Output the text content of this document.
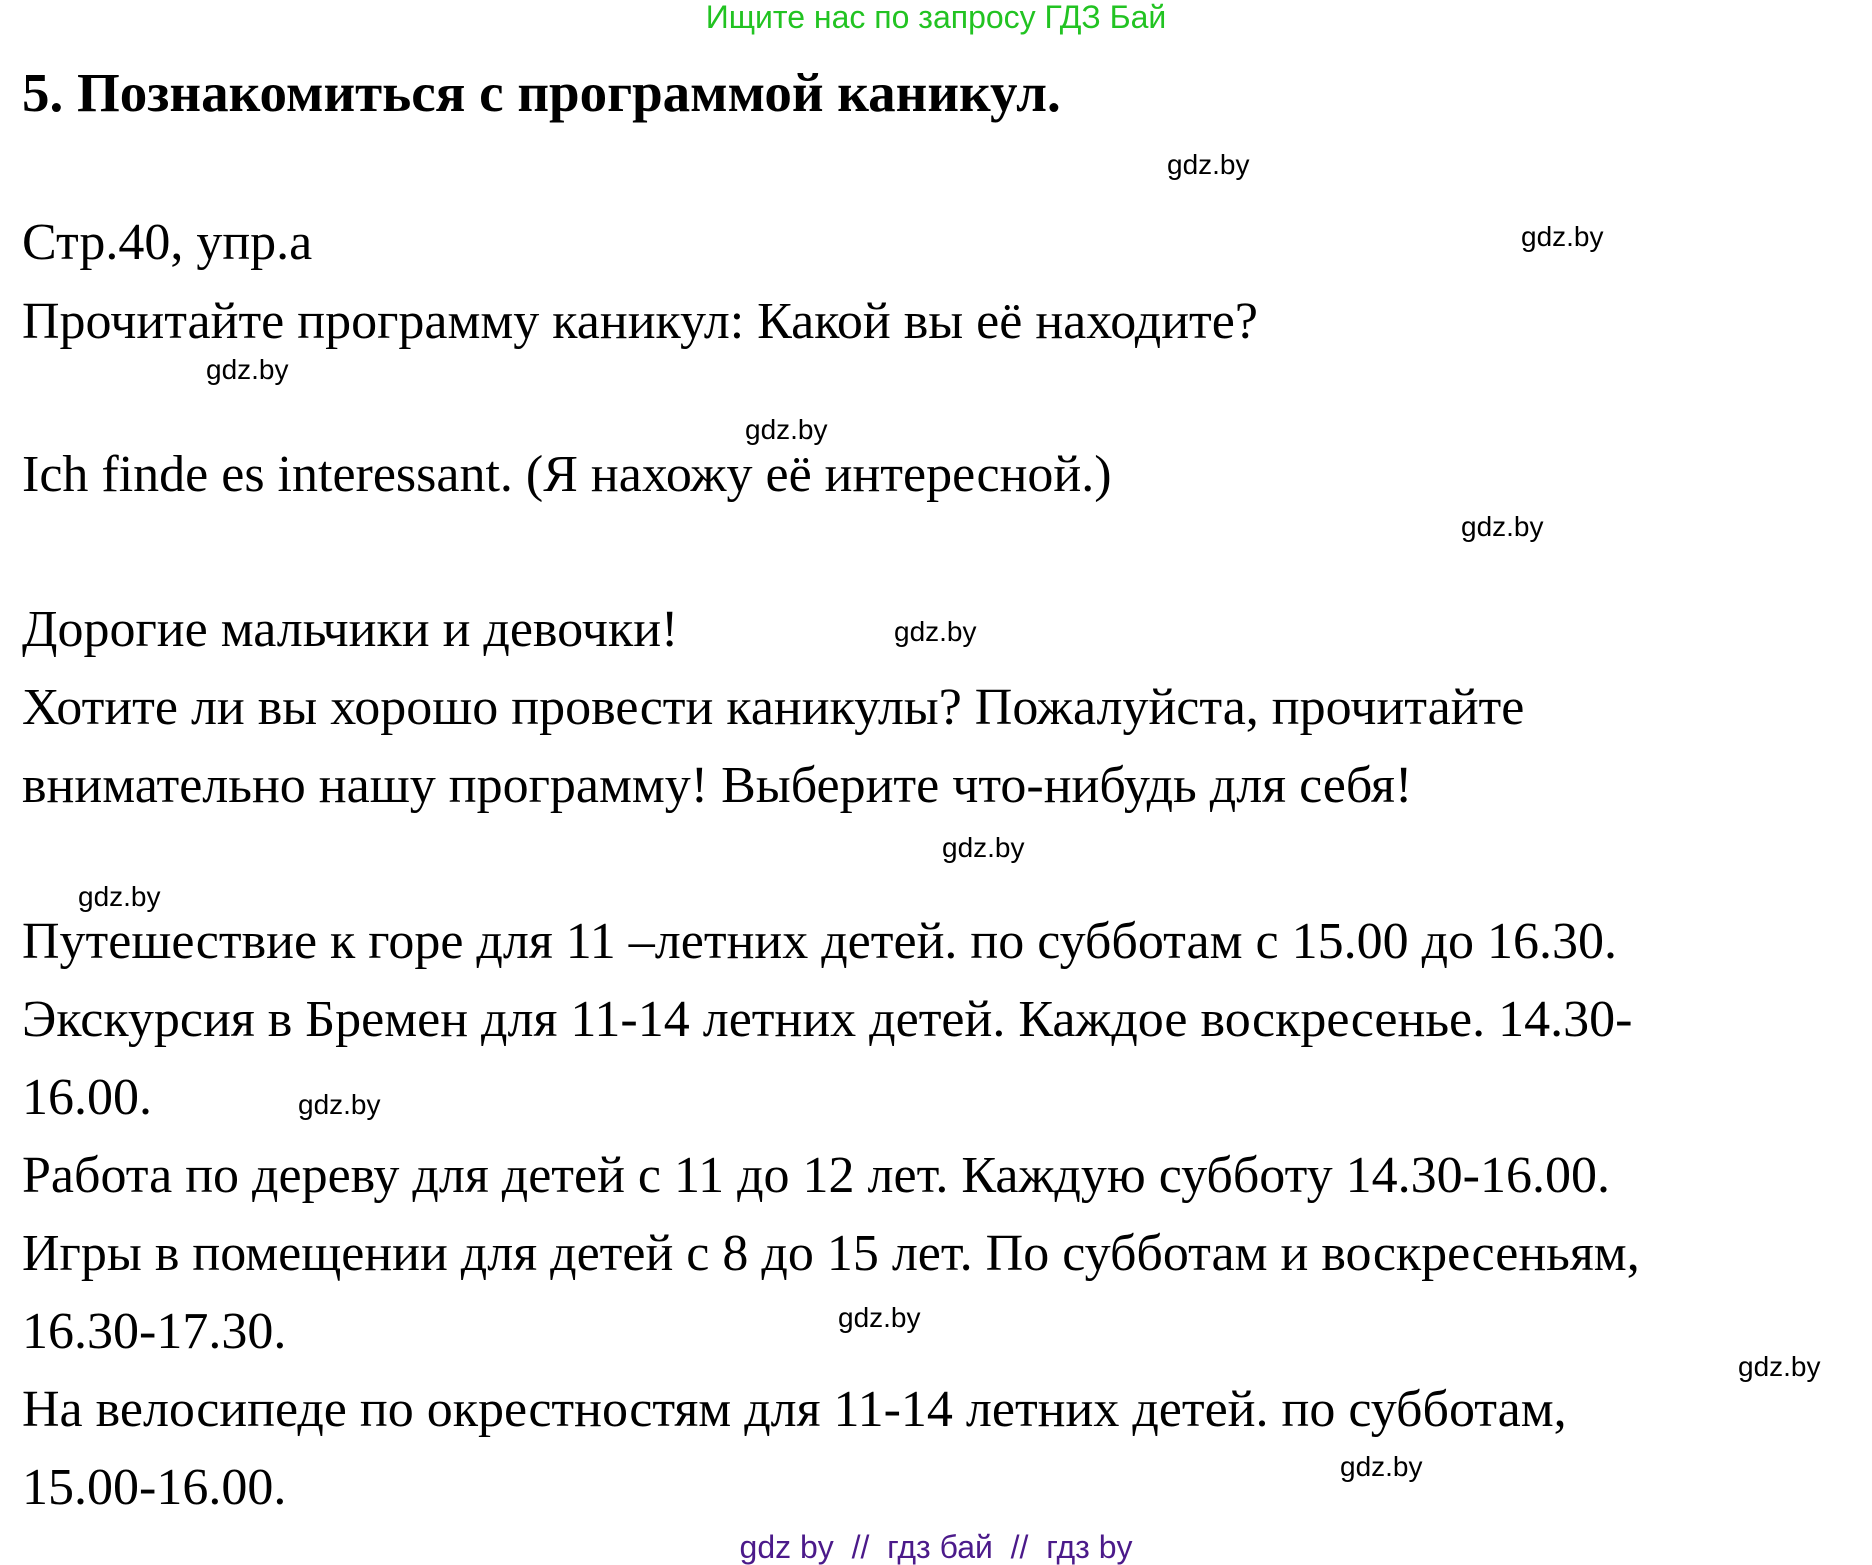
Ищите нас по запросу ГДЗ Бай
5. Познакомиться с программой каникул.
Стр.40, упр.а
Прочитайте программу каникул: Какой вы её находите?
Ich finde es interessant. (Я нахожу её интересной.)
Дорогие мальчики и девочки!
Хотите ли вы хорошо провести каникулы? Пожалуйста, прочитайте
внимательно нашу программу! Выберите что-нибудь для себя!
Путешествие к горе для 11 –летних детей. по субботам с 15.00 до 16.30.
Экскурсия в Бремен для 11-14 летних детей. Каждое воскресенье. 14.30-
16.00.
Работа по дереву для детей с 11 до 12 лет. Каждую субботу 14.30-16.00.
Игры в помещении для детей с 8 до 15 лет. По субботам и воскресеньям,
16.30-17.30.
На велосипеде по окрестностям для 11-14 летних детей. по субботам,
15.00-16.00.
gdz.by
gdz.by
gdz.by
gdz.by
gdz.by
gdz.by
gdz.by
gdz.by
gdz.by
gdz.by
gdz.by
gdz.by
gdz by  //  гдз бай  //  гдз by
